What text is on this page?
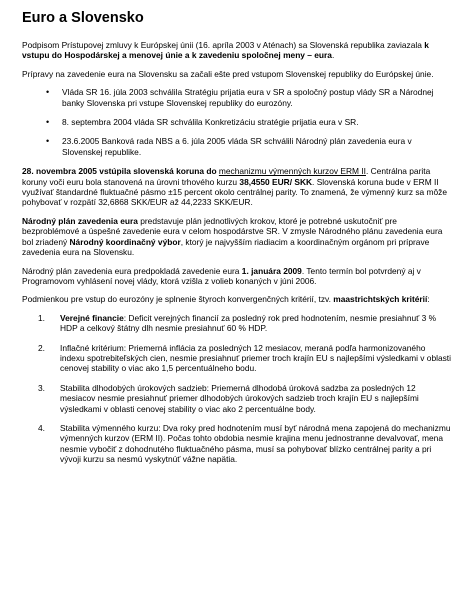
Euro a Slovensko

Podpisom Prístupovej zmluvy k Európskej únii (16. apríla 2003 v Aténach) sa Slovenská republika zaviazala k vstupu do Hospodárskej a menovej únie a k zavedeniu spoločnej meny – eura.

Prípravy na zavedenie eura na Slovensku sa začali ešte pred vstupom Slovenskej republiky do Európskej únie.

• Vláda SR 16. júla 2003 schválila Stratégiu prijatia eura v SR a spoločný postup vlády SR a Národnej banky Slovenska pri vstupe Slovenskej republiky do eurozóny.
• 8. septembra 2004 vláda SR schválila Konkretizáciu stratégie prijatia eura v SR.
• 23.6.2005 Banková rada NBS a 6. júla 2005 vláda SR schválili Národný plán zavedenia eura v Slovenskej republike.

28. novembra 2005 vstúpila slovenská koruna do mechanizmu výmenných kurzov ERM II. Centrálna parita koruny voči euru bola stanovená na úrovni trhového kurzu 38,4550 EUR/ SKK. Slovenská koruna bude v ERM II využívať štandardné fluktuačné pásmo ±15 percent okolo centrálnej parity. To znamená, že výmenný kurz sa môže pohybovať v rozpätí 32,6868 SKK/EUR až 44,2233 SKK/EUR.

Národný plán zavedenia eura predstavuje plán jednotlivých krokov, ktoré je potrebné uskutočniť pre bezproblémové a úspešné zavedenie eura v celom hospodárstve SR. V zmysle Národného plánu zavedenia eura bol zriadený Národný koordinačný výbor, ktorý je najvyšším riadiacim a koordinačným orgánom pri príprave zavedenia eura na Slovensku.

Národný plán zavedenia eura predpokladá zavedenie eura 1. januára 2009. Tento termín bol potvrdený aj v Programovom vyhlásení novej vlády, ktorá vzišla z volieb konaných v júni 2006.

Podmienkou pre vstup do eurozóny je splnenie štyroch konvergenčných kritérií, tzv. maastrichtských kritérií:

1. Verejné financie: Deficit verejných financií za posledný rok pred hodnotením, nesmie presiahnuť 3 % HDP a celkový štátny dlh nesmie presiahnuť 60 % HDP.
2. Inflačné kritérium: Priemerná inflácia za posledných 12 mesiacov, meraná podľa harmonizovaného indexu spotrebiteľských cien, nesmie presiahnuť priemer troch krajín EU s najlepšími výsledkami v oblasti cenovej stability o viac ako 1,5 percentuálneho bodu.
3. Stabilita dlhodobých úrokových sadzieb: Priemerná dlhodobá úroková sadzba za posledných 12 mesiacov nesmie presiahnuť priemer dlhodobých úrokových sadzieb troch krajín EU s najlepšími výsledkami v oblasti cenovej stability o viac ako 2 percentuálne body.
4. Stabilita výmenného kurzu: Dva roky pred hodnotením musí byť národná mena zapojená do mechanizmu výmenných kurzov (ERM II). Počas tohto obdobia nesmie krajina menu jednostranne devalvovať, mena nesmie vybočiť z dohodnutého fluktuačného pásma, musí sa pohybovať blízko centrálnej parity a pri vývoji kurzu sa nesmú vyskytnúť vážne napätia.
